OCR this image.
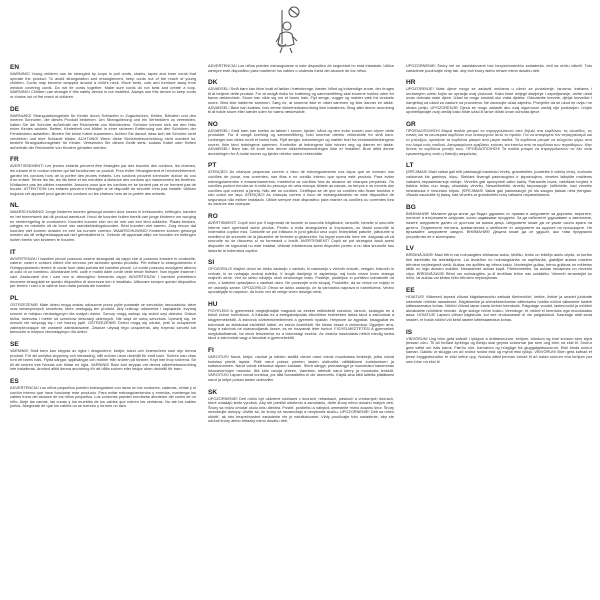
EN
WARNING! Young children can be strangled by loops in pull cords, chains, tapes and inner cords that operate the product. To avoid strangulation and entanglement, keep cords out of the reach of young children. Cords may become wrapped around a child's neck. Move beds, cots and furniture away from window covering cords. Do not tie cords together. Make sure cords do not twist and create a loop. WARNING! Children can strangle if this safety device is not installed. Always use this device to keep cords or chains out of the reach of children.
DE
WARNUNG! Strangulationsgefahr für Kinder durch Schlaufen in Zugschnüren, Ketten, Bändern und den inneren Schnüren, die dieses Produkt bedienen. Um Strangulierung und ein Verheddern zu vermeiden, halten Sie die Schnüre außerhalb der Reichweite von Kleinkindern. Schnüre können sich um den Hals eines Kindes wickeln. Betten, Kinderbett und Möbel in einer sicheren Entfernung von den Schnüren der Fensterdeko aufstellen. Binden Sie keine Kabel zusammen. Achten Sie darauf, dass sich die Schnüre nicht verdrehen und eine Schlaufe bilden. ACHTUNG! Wenn diese Sicherheitsvorrichtung nicht montiert ist, besteht Strangulationsgefahr für Kinder. Verwenden Sie dieses Gerät stets, sodass Kabel oder Ketten außerhalb der Reichweite von Kindern gehalten werden.
FR
AVERTISSEMENT! Les jeunes enfants peuvent être étranglés par des boucles des cordons, les chaînes, les rubans et le cordon interne qui fait fonctionner ce produit. Pour éviter l'étranglement et l'enchevêtrement, gardez les cordons hors de la portée des jeunes enfants. Les cordons peuvent s'enrouler autour du cou d'un enfant. Tenez les lits, les lits bébé et les meubles à distance des cordons qui manœuvrent les fenêtres. N'attachez pas les câbles ensemble. Assurez-vous que les cordons ne se tordent pas et ne forment pas de boucle. ATTENTION! Les enfants peuvent s'étrangler si ce dispositif de sécurité n'est pas installé. Utilisez toujours cet appareil pour garder les cordons ou les chaînes hors de la portée des enfants.
NL
WAARSCHUWING! Jonge kinderen kunnen gewurgd worden door lussen in trekkoorden, kettingen, banden en het binnenwerk dat dit product aanstuurt. Houd de koorden buiten bereik van jonge kinderen om wurging en verstrengeling te voorkomen. Koorden kunnen zich om de nek van een kind wikkelen. Plaats bedden, wiegjes en meubels uit de buurt van raambekledingskoorden. Bind koorden niet samen. Zorg ervoor dat koorden niet kunnen draaien en een lus kunnen vormen. WAARSCHUWING! Kinderen kunnen gewurgd worden als dit veiligheidsapparaat niet geïnstalleerd is. Gebruik dit apparaat altijd om koorden en kettingen buiten bereik van kinderen te houden.
IT
AVVERTENZA! I bambini piccoli possono essere strangolati da cappi che si possono formare in cordicelle, catene, nastri e cordoni interni che servono per azionare questo prodotto. Per evitare lo strangolamento e l'intrappolamento tenere le corde fuori dalla portata dei bambini piccoli. Le corde possono avvolgersi attorno al collo di un bambino. Allontanare letti, culle e mobili dalle corde delle tende finestre. Non legare insieme i cavi. Assicurarsi che i cavi non si attorciglino formando cappi. AVVERTENZA! I bambini potrebbero rimanere strangolati se questo dispositivo di sicurezza non è installato. Utilizzare sempre questo dispositivo per tenere i cavi o le catene fuori dalla portata dei bambini.
PL
OSTRZEŻENIE! Małe dzieci mogą zostać uduszone przez pętle powstałe ze sznurków, łańcuszków, taśm oraz wewnętrznych sznurków, które obsługują ten produkt. Aby uniknąć uduszenia i zaplątania, trzymaj sznurki w miejscu niedostępnym dla małych dzieci. Sznury mogą owinąć się wokół szyi dziecka. Odsuń łóżka, łóżeczka i meble od sznurków dekoracji okiennych. Nie wiąż ze sobą sznurków. Upewnij się, że sznurki nie skręcają się i nie tworzą pętli. OSTRZEŻENIE! Dzieci mogą się udusić, jeśli to urządzenie zabezpieczające nie zostanie zainstalowane. Zawsze używaj tego urządzenia, aby trzymać sznurki lub łańcuszki w miejscu niedostępnym dla dzieci.
SE
VARNING! Små barn kan strypas av öglor i dragsnören, kedjor, band och innersnören som styr denna produkt. För att undvika strypning och intrassling, håll snören utom räckhåll för små barn. Snören kan viras runt ett barns hals. Flytta sängar, spjälsängar och möbler från snören på fönster. Knyt inte ihop snörena. Se till att snören inte tvinnas och bildar en ögla. VARNING! Barn kan strypas om denna säkerhetsanordning inte installeras. Använd alltid denna anordning för att hålla snören eller kedjor utom räckhåll för barn.
ES
ADVERTENCIA! Los niños pequeños pueden estrangularse con lazos en los cordones, cadenas, cintas y el cordón interno que hace funcionar este producto. Para evitar estrangulamientos y enredos, mantenga los cables fuera del alcance de los niños pequeños. Los cordones pueden enrollarse alrededor del cuello de un niño. Aleje las camas, las cunas y los muebles de los cables que cubren las ventanas. No ate los cables juntos. Asegúrate de que los cables no se tuercen y formen un lazo.
ADVERTENCIA! Los niños pueden estrangularse si este dispositivo de seguridad no está instalado. Utilice siempre este dispositivo para mantener los cables o cadenas fuera del alcance de los niños.
DK
ADVARSEL! Små børn kan blive kvalt af løkker i trækstrenge, kæder, bånd og indvendige snore, der bruges til at betjene dette produkt. For at undgå risiko for kvælning og sammenfiltring skal snorene holdes uden for børns rækkevidde. Snore kan vikle sig om et barns hals. Flyt senge, vugger og møbler væk fra vinduets snore. Bind ikke kablerne sammen. Sørg for, at snorene ikke er viklet sammen og ikke danner en løkke. ADVARSEL! Børn kan kvæles, hvis denne sikkerhedsanordning ikke installeres. Brug altid denne anordning til at holde snore eller kæder uden for børns rækkevidde.
NO
ADVARSEL! Små barn kan kveles av løkker i snorer, kjeder, bånd og den indre snoren som styrer dette produktet. For å unngå kvelning og sammenfiltring, hold snorene utenfor rekkevidde for små barn. Ledninger kan vikles rundt et barns hals. Flytt senger, barnesenger og møbler bort fra vindusbekledningens snorer. Ikke bind ledningene sammen. Kontroller at ledningene ikke tvinner seg og danner en løkke. ADVARSEL! Barn kan bli kvalt hvis denne sikkerhetsanordningen ikke er installert. Bruk alltid denne anordningen for å holde snorer og kjeder utenfor barns rekkevidde.
PT
ATENÇÃO! As crianças pequenas correm o risco de estrangulamento nos laços que se formam nos cordões de puxar, nas correntes, nas fitas e no cordão interno que opera este produto. Para evitar estrangulamentos e emaranhamentos, mantenha os cordões fora do alcance de crianças pequenas. Os cordões podem enrolar-se à volta do pescoço de uma criança. Afaste as camas, os berços e os móveis dos cordões que cobrem a janela. Não ate os cordões. Certifique-se de que os cordões não ficam torcidos e não criam um laço. ATENÇÃO! As crianças correm o risco de estrangulamento se este dispositivo de segurança não estiver instalado. Utilize sempre este dispositivo para manter os cordões ou correntes fora do alcance das crianças.
RO
AVERTISMENT! Copiii mici pot fi sugrumați de buclele la șnururile trăgătoare, lanțurile, benzile și șnururile interne care operează acest produs. Pentru a evita strangularea și încurcarea, nu lăsați șnururile la îndemâna copiilor mici. Cablurile se pot înfășura în jurul gâtului unui copil. Îndepărtați paturile, pătuțurile și mobilierul de șnururile de la jaluzelele de ferestre și geamurilor. Nu legați șnururile între ele. Asigurați-vă că șnururile nu se răsucesc și nu formează o buclă. AVERTISMENT! Copiii se pot strangula dacă acest dispozitiv de siguranță nu este instalat. Utilizați întotdeauna acest dispozitiv pentru a nu lăsa șnururile sau lanțurile la îndemâna copiilor.
SI
OPOZORILO! Majhni otroci se lahko zadavijo v zankah, ki nastanejo v vlečnih vrvicah, verigah, trakovih in vrvicah, ki se nahajajo znotraj izdelka. V izogib davljenju in zapletanju, naj bodo vrvice izven dosega majhnih otrok. Vrvi se lahko navijejo okoli otrokovega vratu. Postelje, posteljice in pohištvo odmaknite od vrvic, s katerimi upravljamo z zastirali oken. Ne povezujte vrvic skupaj. Poskrbite, da se vrvice ne zvijejo in ne ustvarijo zanke. OPOZORILO! Otroci se lahko zadavijo, če ta varnostna naprava ni nameščena. Vedno uporabljajte to napravo, da bodo vrvi ali verige izven dosega otrok.
HU
FIGYELEM! A gyermekek megfojthatják magukat az ezeket működtető zsinórok, láncok, szalagok és a belső zsinór hurkokban. A fulladás és a belegabalyodás elkerülése érdekében tartsa távol a zsinórokat a kisgyermekektől. A zsinórok körbetekeredhetnek a gyermek nyakán. Helyezze az ágyakat, kiságyakat és bútorokat az ablakokat elsötétítő kábel- és zsinór közeléből. Ne kösse össze a zsinórokat. Ügyeljen arra, hogy a zsinórok ne csavarodjanak össze, és ne hozzanak létre hurkot. FIGYELMEZTETÉS! A gyermekek megfulladhatnak, ha nincs felszerelve ez a biztonsági eszköz. Az eszköz használata nélkül mindig tartsa távol a zsinórokat vagy a láncokat a gyermekektől.
FI
VAROITUS! Narut, ketjut, nauhat ja näiden sisällä olevat narut voivat muodostaa lenkkejä, jotka voivat kuristaa pieniä lapsia. Pidä narut poissa pienten lasten ulottuvilta välttääksesi kuristumisen ja sotkeutumisen. Narut voivat kietoutua lapsen kaulaan. Siirrä sängyt, pinnasängyt ja huonekalut kauemmas ikkunaverhojen naruista. Älä sido naruja yhteen. Varmista, etteivät narut kierry ja muodosta lenkkiä. VAROITUS! Lapset voivat kuristua, jos tätä turvalaitetta ei ole asennettu. Käytä aina tätä laitetta pitääksesi narut ja ketjut poissa lasten ulottuvilta.
SK
UPOZORNENIE! Deti môžu byť uškrtené slučkami v šnúrach, retiazkach, páskoch a vnútorných šnúrach, ktoré ovládajú tento výrobok. Aby ste predišli uškrteniu a zamotaniu, držte šnúry mimo dosahu malých detí. Šnúry sa môžu omotať okolo krku dieťaťa. Posteľ, postieľku a nábytok umiestnite mimo dosahu šnúr. Šnúry nezväzujte dokopy. Uistite sa, že šnúry sa nezamotajú a nevytvoria slučku. UPOZORNENIE! Deti sa môžu uškrtiť, ak toto bezpečnostné zariadenie nie je nainštalované. Vždy používajte toto zariadenie, aby ste udržali šnúry alebo retiazky mimo dosahu detí.
UPOZORNENIE! Šnúry nie sú nainštalované bez bezpečnostného zariadenia, deti sa môžu uškrtiť. Toto zariadenie používajte vždy tak, aby boli šnúry alebo reťaze mimo dosahu detí.
HR
UPOZORENJE! Male djece mogu se zadaviti omčama u užetu za povlačenje, lancima, trakama i unutarnjem užetu kojim se upravlja ovaj proizvod. Kako biste izbjegli davljenje i zapetljavanje, držite užad izvan dohvata male djece. Užad se mogu omotati oko vrata djeteta. Odmaknite krevete, dječje krevetiće i namještaj od užadi za zastore na prozorima. Ne zavezujte užad zajedno. Provjerite da se užad ne uvija i ne stvara petlju. UPOZORENJE! Djeca se mogu zadaviti ako ovaj sigurnosni uređaj nije postavljen. Uvijek upotrebljavajte ovaj uređaj kako biste užad ili lance držali izvan dohvata djece.
GR
ΠΡΟΕΙΔΟΠΟΙΗΣΗ! Μικρά παιδιά μπορεί να στραγγαλιστούν από θηλιές στα κορδόνια, τις αλυσίδες, τις ταινίες και τα εσωτερικά κορδόνια που λειτουργούν αυτό το προϊόν. Για να αποφύγετε τον στραγγαλισμό και το μπλέξιμο, κρατήστε τα κορδόνια μακριά από μικρά παιδιά. Τα κορδόνια μπορεί να τυλιχτούν γύρω από τον λαιμό ενός παιδιού. Απομακρύνετε κρεβάτια, κούνιες και έπιπλα από τα κορδόνια των παραθύρων. Μην δένετε τα κορδόνια μεταξύ τους. ΠΡΟΕΙΔΟΠΟΙΗΣΗ! Τα παιδιά μπορεί να στραγγαλιστούν αν δεν είναι εγκατεστημένη αυτή η διάταξη ασφαλείας.
LT
ĮSPĖJIMAS! Maži vaikai gali būti pasmaugti trauktuko virvės, grandinėlės, juostelės ir vidinių virvių, kuriomis valdomas šis gaminys, kilpų. Siekiant išvengti pasmaugimo ir įsipainiojimo, virveles laikykite mažiems vaikams nepasiekiamoje vietoje. Virvelės gali apsivynioti vaiko kaklą. Patraukite lovas, vaikiškas lovytes ir baldus toliau nuo langų užuolaidų virvelių. Nesurišinėkite virvelių tarpusavyje. Įsitikinkite, kad virvelės nesusisuka ir nesudaro kilpos. ĮSPĖJIMAS! Vaikai gali pasismaugti, jei šis saugos įtaisas nėra įrengtas. Visada naudokite šį įtaisą, kad virvelės ar grandinėlės būtų vaikams nepasiekiamos.
BG
ВНИМАНИЕ! Малките деца могат да бъдат удушени от примки в шнуровете за дърпане, веригите, лентите и вътрешните шнурове, които задвижват продукта. За да избегнете удушаване и заплитане, пазете шнуровете далеч от достъпа на малки деца. Шнуровете може да се увият около врата на детето. Отдалечете леглата, креватчетата и мебелите от шнуровете на щорите на прозорците. Не връзвайте шнуровете заедно. ВНИМАНИЕ! Децата може да се удушат, ако това предпазно устройство не е монтирано.
LV
BRĪDINĀJUMS! Mazi bērni var nožņaugties vilkšanas auklu, ķēdīšu, lenšu un iekšējo auklu cilpās, ar kurām tiek darbināts šis izstrādājums. Lai izvairītos no nožņaugšanās un sapīšanās, glabājiet auklas maziem bērniem nepieejamā vietā. Auklas var aptīties ap bērna kaklu. Novietojiet gultas, bērnu gultiņas un mēbeles tālāk no logu aizkaru auklām. Nesasieniet auklas kopā. Pārliecinieties, ka auklas nesapinas un neveido cilpu. BRĪDINĀJUMS! Bērni var nožņaugties, ja šī drošības ierīce nav uzstādīta. Vienmēr izmantojiet šo ierīci, lai auklas vai ķēdes būtu bērniem nepieejamas.
EE
HOIATUS! Väikesed lapsed võivad kägistamisohtu sattuda tõmbenööri, ketide, lintide ja seadet juhtivate sisemiste nööride aasadesse. Kägistamise ja sõlmekeerdumise vältimiseks hoidke nöörid väikestele lastele kättesaamatus kohas. Nöörid võivad lapse kaela ümber keerduda. Paigutage voodid, lastevoodid ja mööbel aknakatete nööridest eemale. Ärge siduge nööre kokku. Veenduge, et nöörid ei keerduks ega moodustaks aasa. HOIATUS! Lapsed võivad kägistuda, kui see ohutusseade ei ole paigaldatud. Kasutage alati seda seadet, et hoida nöörid või ketid lastele kättesaamatus kohas.
IS
VIÐVÖRUN! Ung börn geta kafnað í lykkjum á dráttarsnúrum, keðjum, böndum og innri snúrum sem stýra þessari vöru. Til að forðast kyrkingu og flækju skal geyma snúrurnar þar sem ung börn ná ekki til. Snúrur geta vafist um háls barns. Færðu rúm, barnarúm og húsgögn frá gluggatjaldssnúrum. Ekki binda snúrur saman. Gakktu úr skugga um að snúrur snúist ekki og myndi ekki lykkju. VIÐVÖRUN! Börn geta kafnað ef þessi öryggisbúnaður er ekki settur upp. Notaðu alltaf þennan búnað til að halda snúrum eða keðjum þar sem börn ná ekki til.
